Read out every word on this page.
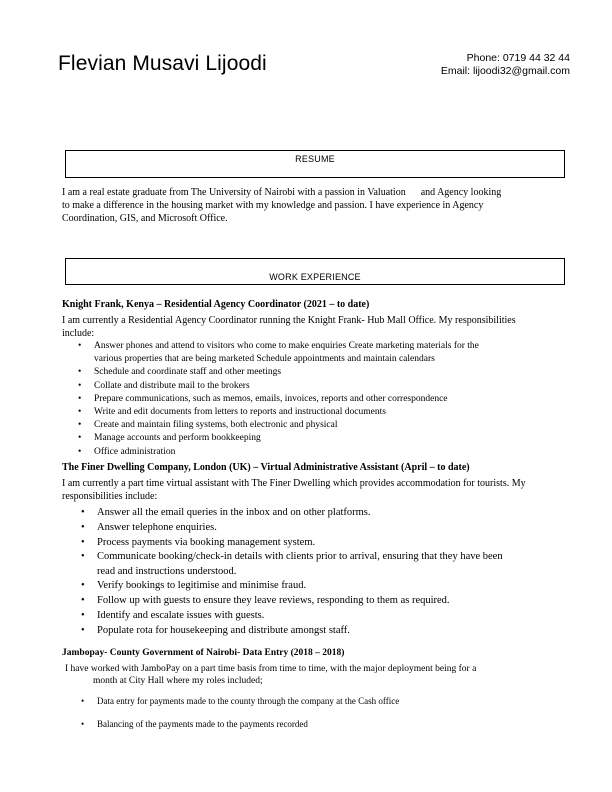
Flevian Musavi Lijoodi	Phone: 0719 44 32 44
Email: lijoodi32@gmail.com
RESUME
I am a real estate graduate from The University of Nairobi with a passion in Valuation      and Agency looking
to make a difference in the housing market with my knowledge and passion. I have experience in Agency
Coordination, GIS, and Microsoft Office.
WORK EXPERIENCE
Knight Frank, Kenya – Residential Agency Coordinator (2021 – to date)
I am currently a Residential Agency Coordinator running the Knight Frank- Hub Mall Office. My responsibilities
include:
• Answer phones and attend to visitors who come to make enquiries Create marketing materials for the
various properties that are being marketed Schedule appointments and maintain calendars
• Schedule and coordinate staff and other meetings
• Collate and distribute mail to the brokers
• Prepare communications, such as memos, emails, invoices, reports and other correspondence
• Write and edit documents from letters to reports and instructional documents
• Create and maintain filing systems, both electronic and physical
• Manage accounts and perform bookkeeping
• Office administration
The Finer Dwelling Company, London (UK) – Virtual Administrative Assistant (April – to date)
I am currently a part time virtual assistant with The Finer Dwelling which provides accommodation for tourists. My
responsibilities include:
• Answer all the email queries in the inbox and on other platforms.
• Answer telephone enquiries.
• Process payments via booking management system.
• Communicate booking/check-in details with clients prior to arrival, ensuring that they have been
read and instructions understood.
• Verify bookings to legitimise and minimise fraud.
• Follow up with guests to ensure they leave reviews, responding to them as required.
• Identify and escalate issues with guests.
• Populate rota for housekeeping and distribute amongst staff.
Jambopay- County Government of Nairobi- Data Entry (2018 – 2018)
I have worked with JamboPay on a part time basis from time to time, with the major deployment being for a
month at City Hall where my roles included;
• Data entry for payments made to the county through the company at the Cash office
• Balancing of the payments made to the payments recorded
